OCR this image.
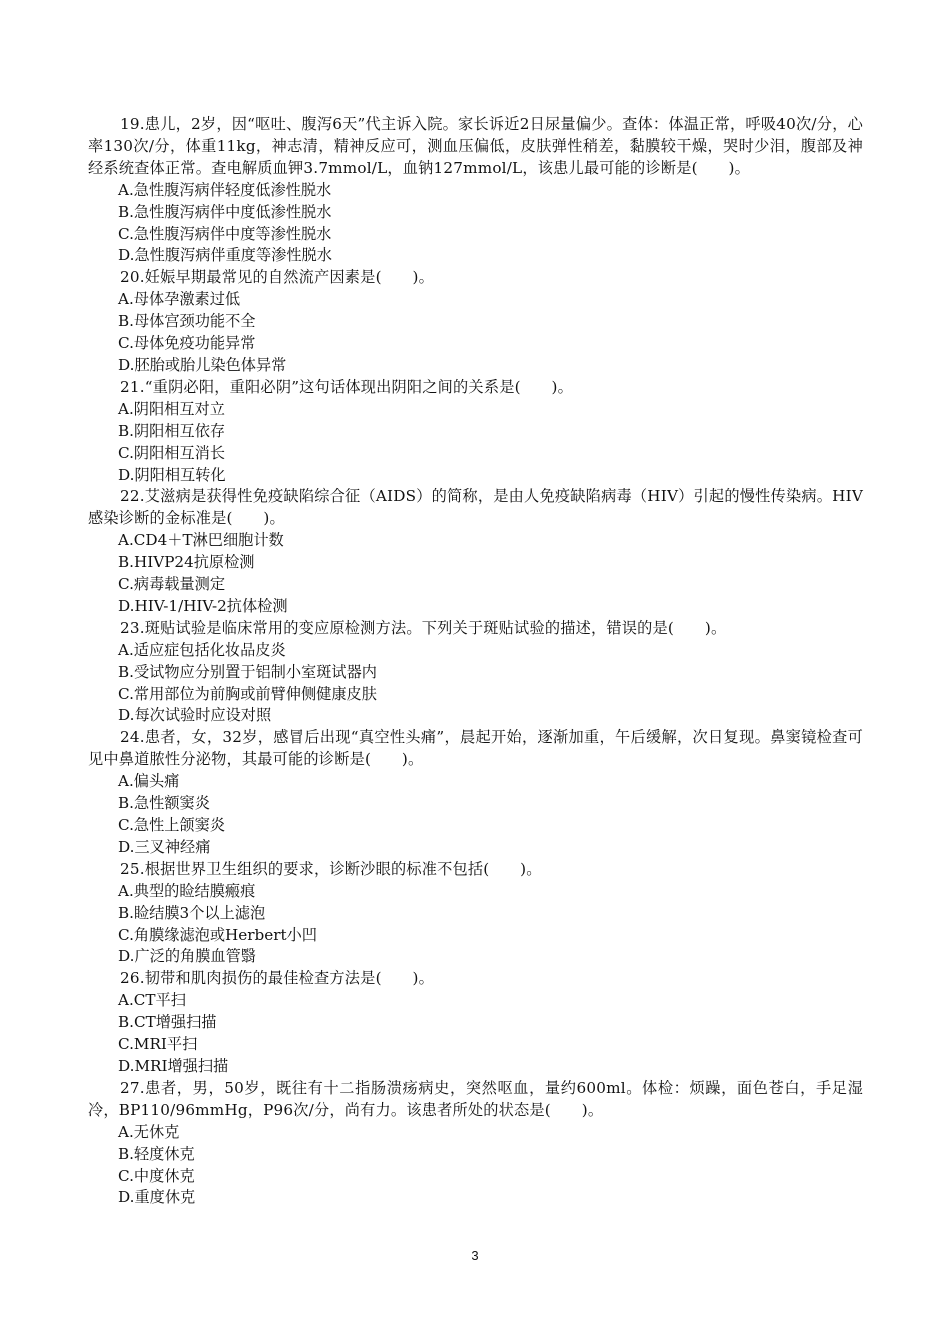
19.患儿，2岁，因“呕吐、腹泻6天”代主诉入院。家长诉近2日尿量偏少。查体：体温正常，呼吸40次/分，心率130次/分，体重11kg，神志清，精神反应可，测血压偏低，皮肤弹性稍差，黏膜较干燥，哭时少泪，腹部及神经系统查体正常。查电解质血钾3.7mmol/L，血钠127mmol/L，该患儿最可能的诊断是(　　)。
A.急性腹泻病伴轻度低渗性脱水
B.急性腹泻病伴中度低渗性脱水
C.急性腹泻病伴中度等渗性脱水
D.急性腹泻病伴重度等渗性脱水
20.妊娠早期最常见的自然流产因素是(　　)。
A.母体孕激素过低
B.母体宫颈功能不全
C.母体免疫功能异常
D.胚胎或胎儿染色体异常
21.“重阴必阳，重阳必阴”这句话体现出阴阳之间的关系是(　　)。
A.阴阳相互对立
B.阴阳相互依存
C.阴阳相互消长
D.阴阳相互转化
22.艾滋病是获得性免疫缺陷综合征（AIDS）的简称，是由人免疫缺陷病毒（HIV）引起的慢性传染病。HIV感染诊断的金标准是(　　)。
A.CD4＋T淋巴细胞计数
B.HIVP24抗原检测
C.病毒载量测定
D.HIV-1/HIV-2抗体检测
23.斑贴试验是临床常用的变应原检测方法。下列关于斑贴试验的描述，错误的是(　　)。
A.适应症包括化妆品皮炎
B.受试物应分别置于铝制小室斑试器内
C.常用部位为前胸或前臂伸侧健康皮肤
D.每次试验时应设对照
24.患者，女，32岁，感冒后出现“真空性头痛”，晨起开始，逐渐加重，午后缓解，次日复现。鼻窦镜检查可见中鼻道脓性分泌物，其最可能的诊断是(　　)。
A.偏头痛
B.急性额窦炎
C.急性上颌窦炎
D.三叉神经痛
25.根据世界卫生组织的要求，诊断沙眼的标准不包括(　　)。
A.典型的睑结膜瘢痕
B.睑结膜3个以上滤泡
C.角膜缘滤泡或Herbert小凹
D.广泛的角膜血管翳
26.韧带和肌肉损伤的最佳检查方法是(　　)。
A.CT平扫
B.CT增强扫描
C.MRI平扫
D.MRI增强扫描
27.患者，男，50岁，既往有十二指肠溃疡病史，突然呕血，量约600ml。体检：烦躁，面色苍白，手足湿冷，BP110/96mmHg，P96次/分，尚有力。该患者所处的状态是(　　)。
A.无休克
B.轻度休克
C.中度休克
D.重度休克
3
